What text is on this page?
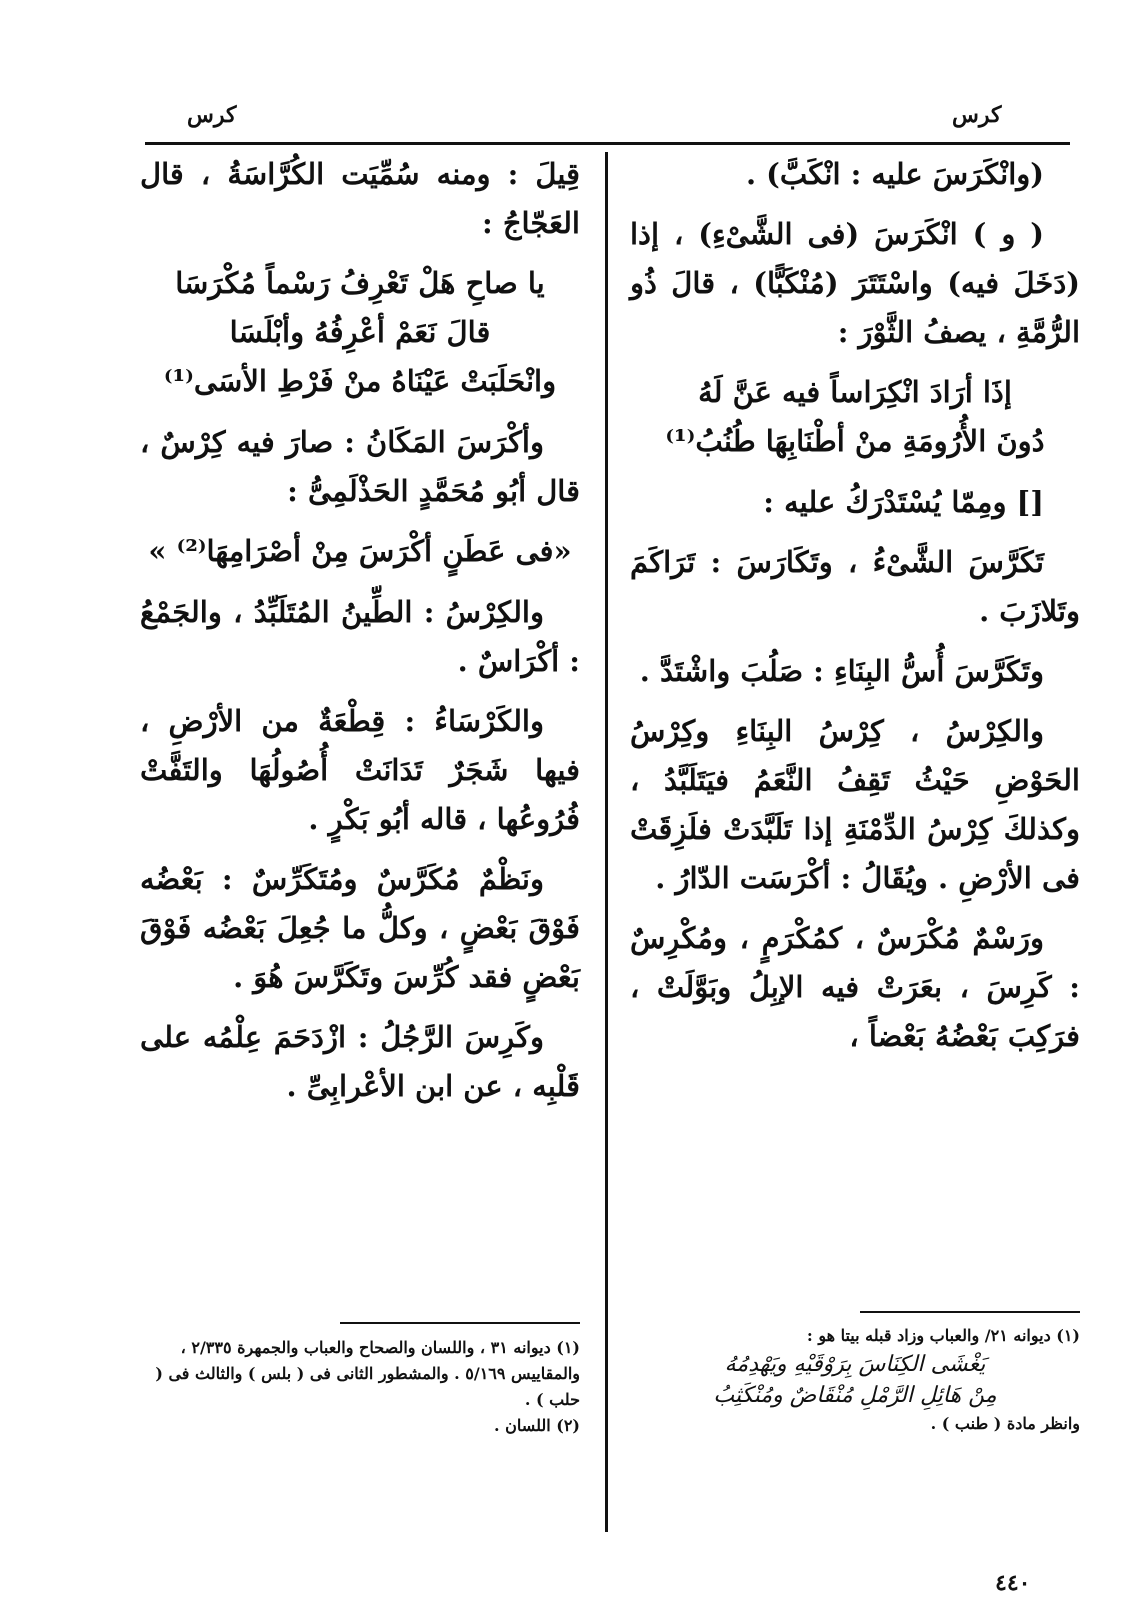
كرس
كرس

(وانْكَرَسَ عليه : انْكَبَّ) .

( و ) انْكَرَسَ (فى الشَّىْءِ) ، إذا (دَخَلَ فيه) واسْتَتَرَ (مُنْكَبًّا) ، قالَ ذُو الرُّمَّةِ ، يصفُ الثَّوْرَ :

إذَا أرَادَ انْكِرَاساً فيه عَنَّ لَهُ
دُونَ الأُرُومَةِ منْ أطْنَابِهَا طُنُبُ⁽¹⁾

[] ومِمّا يُسْتَدْرَكُ عليه :

تَكَرَّسَ الشَّىْءُ ، وتَكَارَسَ : تَرَاكَمَ وتَلازَبَ .

وتَكَرَّسَ أُسُّ البِنَاءِ : صَلُبَ واشْتَدَّ .

والكِرْسُ ، كِرْسُ البِنَاءِ وكِرْسُ الحَوْضِ حَيْثُ تَقِفُ النَّعَمُ فيَتَلَبَّدُ ، وكذلكَ كِرْسُ الدِّمْنَةِ إذا تَلَبَّدَتْ فلَزِقَتْ فى الأرْضِ . ويُقَالُ : أكْرَسَت الدّارُ .

ورَسْمٌ مُكْرَسٌ ، كمُكْرَمٍ ، ومُكْرِسٌ : كَرِسَ ، بعَرَتْ فيه الإبِلُ وبَوَّلَتْ ، فرَكِبَ بَعْضُهُ بَعْضاً ،

قِيلَ : ومنه سُمِّيَت الكُرَّاسَةُ ، قال العَجّاجُ :

يا صاحِ هَلْ تَعْرِفُ رَسْماً مُكْرَسَا
قالَ نَعَمْ أعْرِفُهُ وأبْلَسَا
وانْحَلَبَتْ عَيْنَاهُ منْ فَرْطِ الأسَى⁽¹⁾

وأكْرَسَ المَكَانُ : صارَ فيه كِرْسٌ ، قال أبُو مُحَمَّدٍ الحَذْلَمِىُّ :

«فى عَطَنٍ أكْرَسَ مِنْ أصْرَامِهَا⁽²⁾ »

والكِرْسُ : الطِّينُ المُتَلَبِّدُ ، والجَمْعُ : أكْرَاسٌ .

والكَرْسَاءُ : قِطْعَةٌ من الأرْضِ ، فيها شَجَرٌ تَدَانَتْ أُصُولُهَا والتَفَّتْ فُرُوعُها ، قاله أبُو بَكْرٍ .

ونَظْمٌ مُكَرَّسٌ ومُتَكَرِّسٌ : بَعْضُه فَوْقَ بَعْضٍ ، وكلُّ ما جُعِلَ بَعْضُه فَوْقَ بَعْضٍ فقد كُرِّسَ وتَكَرَّسَ هُوَ .

وكَرِسَ الرَّجُلُ : ازْدَحَمَ عِلْمُه على قَلْبِه ، عن ابن الأعْرابِىِّ .

(١) ديوانه ٢١/ والعباب وزاد قبله بيتا هو :
يَغْشَى الكِنَاسَ بِرَوْقَيْهِ ويَهْدِمُهُ
مِنْ هَائِلِ الرَّمْلِ مُنْقَاضٌ ومُنْكَثِبُ
وانظر مادة ( طنب ) .
(١) ديوانه ٣١ ، واللسان والصحاح والعباب والجمهرة ٢/٣٣٥ ، والمقاييس ٥/١٦٩ . والمشطور الثانى فى ( بلس ) والثالث فى ( حلب ) .
(٢) اللسان .
٤٤٠
